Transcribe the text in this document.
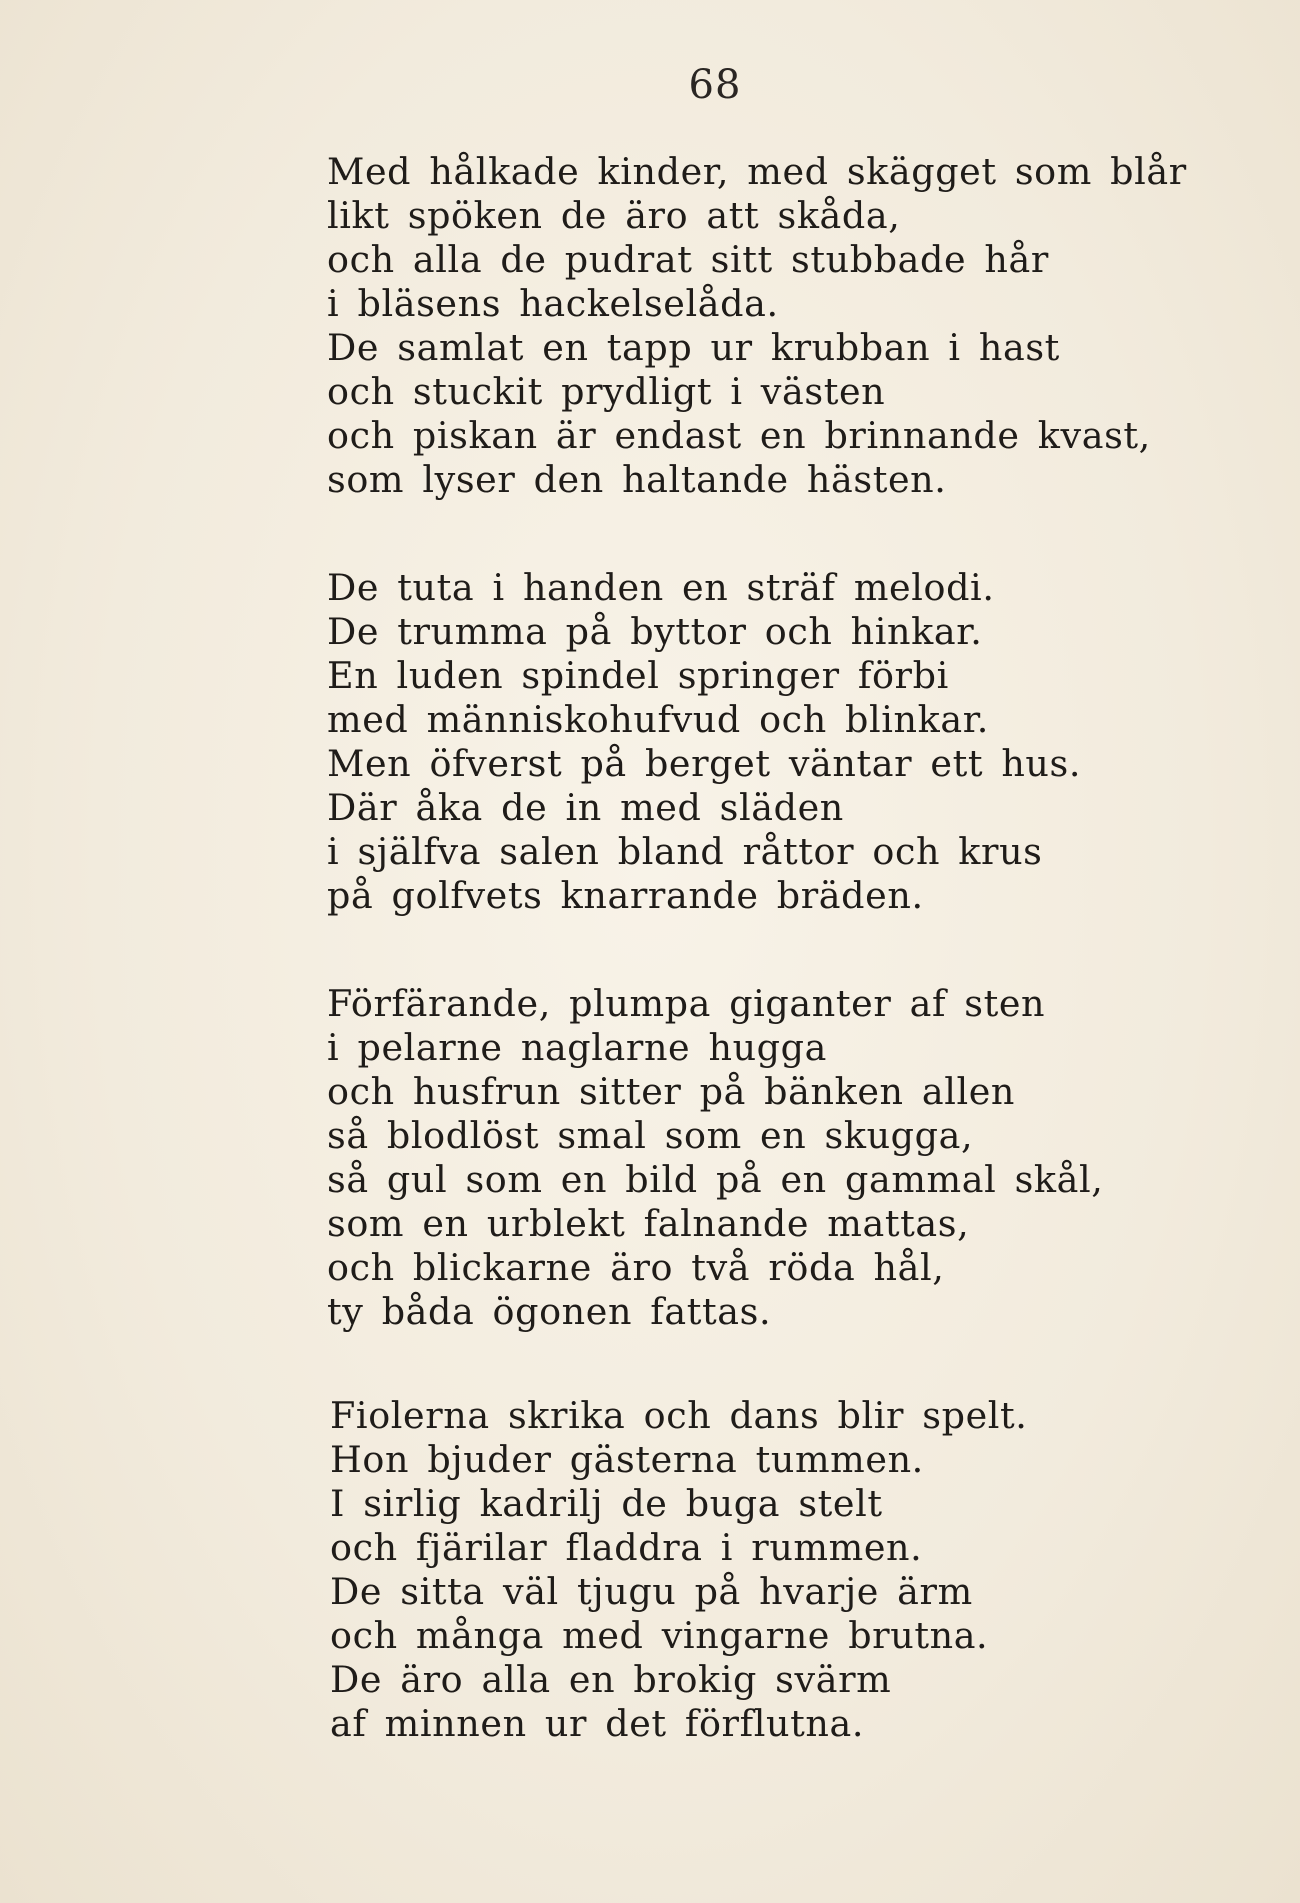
68
Med hålkade kinder, med skägget som blår
likt spöken de äro att skåda,
och alla de pudrat sitt stubbade hår
i bläsens hackelselåda.
De samlat en tapp ur krubban i hast
och stuckit prydligt i västen
och piskan är endast en brinnande kvast,
som lyser den haltande hästen.
De tuta i handen en sträf melodi.
De trumma på byttor och hinkar.
En luden spindel springer förbi
med människohufvud och blinkar.
Men öfverst på berget väntar ett hus.
Där åka de in med släden
i själfva salen bland råttor och krus
på golfvets knarrande bräden.
Förfärande, plumpa giganter af sten
i pelarne naglarne hugga
och husfrun sitter på bänken allen
så blodlöst smal som en skugga,
så gul som en bild på en gammal skål,
som en urblekt falnande mattas,
och blickarne äro två röda hål,
ty båda ögonen fattas.
Fiolerna skrika och dans blir spelt.
Hon bjuder gästerna tummen.
I sirlig kadrilj de buga stelt
och fjärilar fladdra i rummen.
De sitta väl tjugu på hvarje ärm
och många med vingarne brutna.
De äro alla en brokig svärm
af minnen ur det förflutna.
